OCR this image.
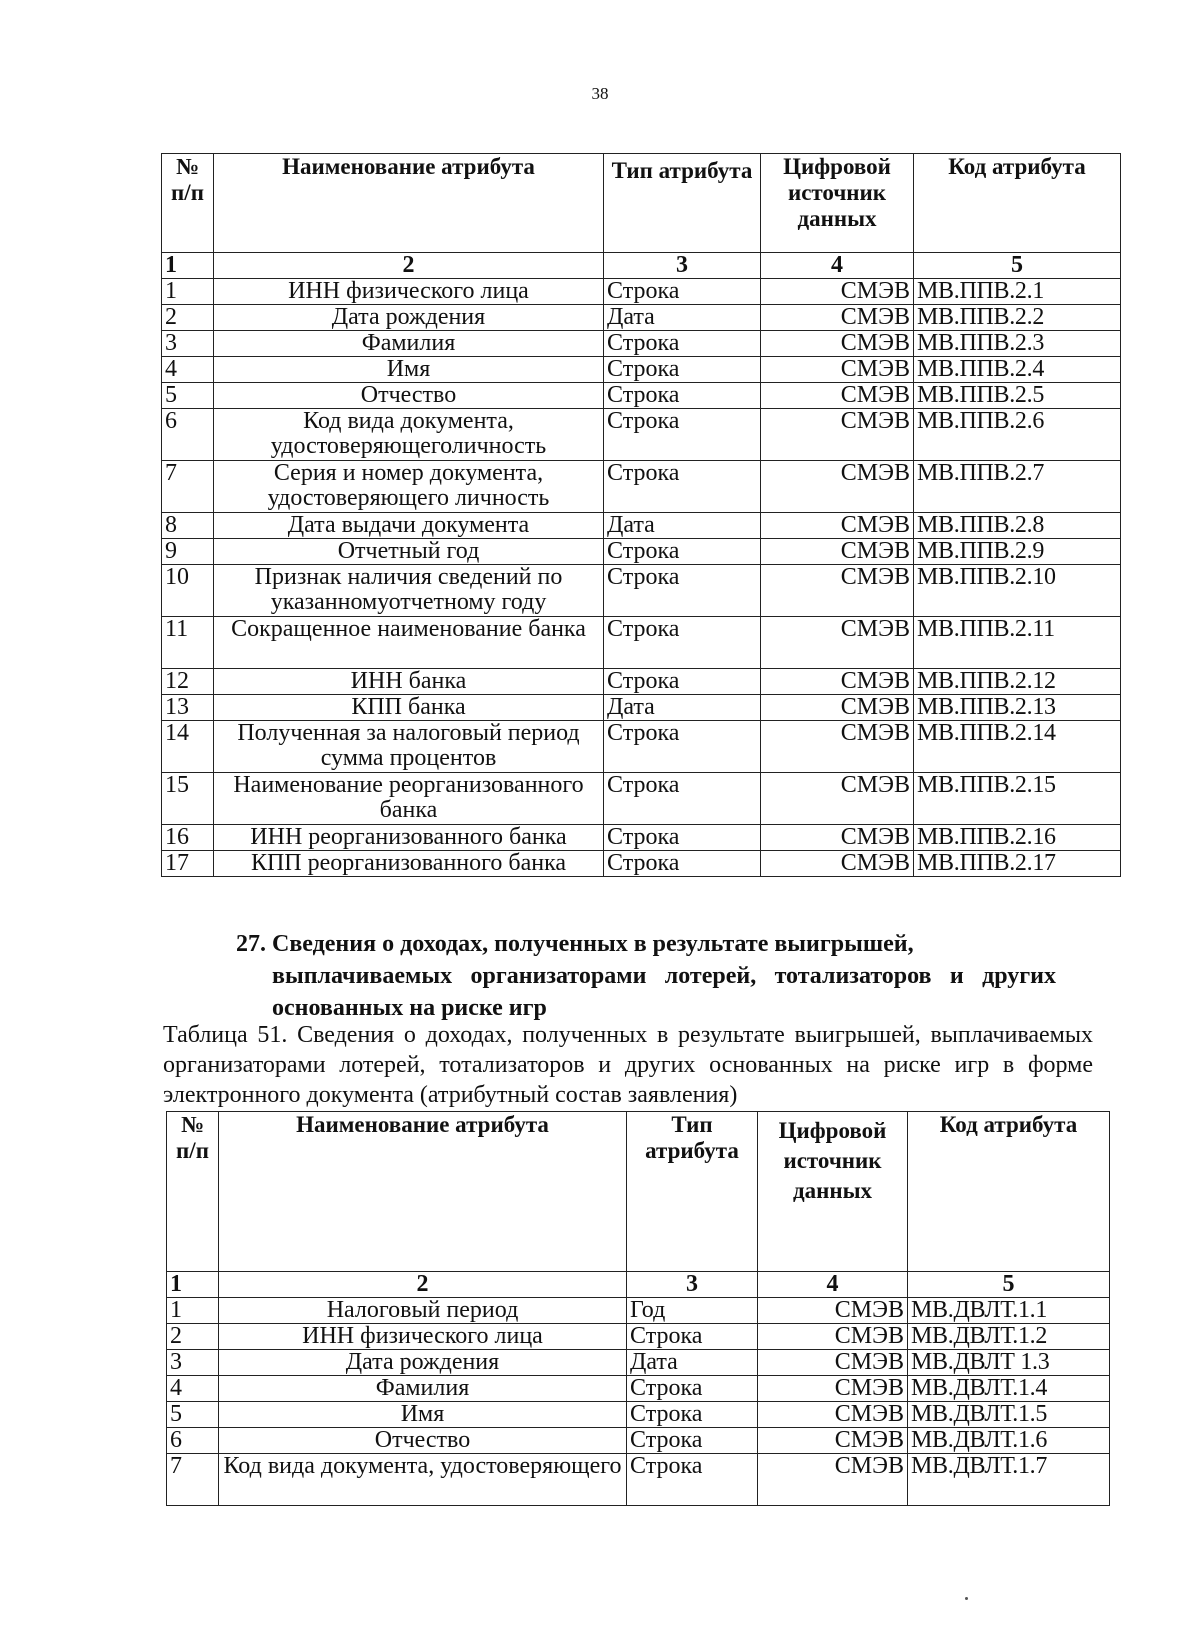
38
№ п/п	Наименование атрибута	Тип атрибута	Цифровой источник данных	Код атрибута
1	2	3	4	5
1	ИНН физического лица	Строка	СМЭВ	МВ.ППВ.2.1
2	Дата рождения	Дата	СМЭВ	МВ.ППВ.2.2
3	Фамилия	Строка	СМЭВ	МВ.ППВ.2.3
4	Имя	Строка	СМЭВ	МВ.ППВ.2.4
5	Отчество	Строка	СМЭВ	МВ.ППВ.2.5
6	Код вида документа, удостоверяющеголичность	Строка	СМЭВ	МВ.ППВ.2.6
7	Серия и номер документа, удостоверяющего личность	Строка	СМЭВ	МВ.ППВ.2.7
8	Дата выдачи документа	Дата	СМЭВ	МВ.ППВ.2.8
9	Отчетный год	Строка	СМЭВ	МВ.ППВ.2.9
10	Признак наличия сведений по указанномуотчетному году	Строка	СМЭВ	МВ.ППВ.2.10
11	Сокращенное наименование банка	Строка	СМЭВ	МВ.ППВ.2.11
12	ИНН банка	Строка	СМЭВ	МВ.ППВ.2.12
13	КПП банка	Дата	СМЭВ	МВ.ППВ.2.13
14	Полученная за налоговый период сумма процентов	Строка	СМЭВ	МВ.ППВ.2.14
15	Наименование реорганизованного банка	Строка	СМЭВ	МВ.ППВ.2.15
16	ИНН реорганизованного банка	Строка	СМЭВ	МВ.ППВ.2.16
17	КПП реорганизованного банка	Строка	СМЭВ	МВ.ППВ.2.17
27. Сведения о доходах, полученных в результате выигрышей,
выплачиваемых организаторами лотерей, тотализаторов и других основанных на риске игр
Таблица 51. Сведения о доходах, полученных в результате выигрышей, выплачиваемых организаторами лотерей, тотализаторов и других основанных на риске игр в форме электронного документа (атрибутный состав заявления)
№ п/п	Наименование атрибута	Тип атрибута	Цифровой источник данных	Код атрибута
1	2	3	4	5
1	Налоговый период	Год	СМЭВ	МВ.ДВЛТ.1.1
2	ИНН физического лица	Строка	СМЭВ	МВ.ДВЛТ.1.2
3	Дата рождения	Дата	СМЭВ	МВ.ДВЛТ 1.3
4	Фамилия	Строка	СМЭВ	МВ.ДВЛТ.1.4
5	Имя	Строка	СМЭВ	МВ.ДВЛТ.1.5
6	Отчество	Строка	СМЭВ	МВ.ДВЛТ.1.6
7	Код вида документа, удостоверяющего	Строка	СМЭВ	МВ.ДВЛТ.1.7
